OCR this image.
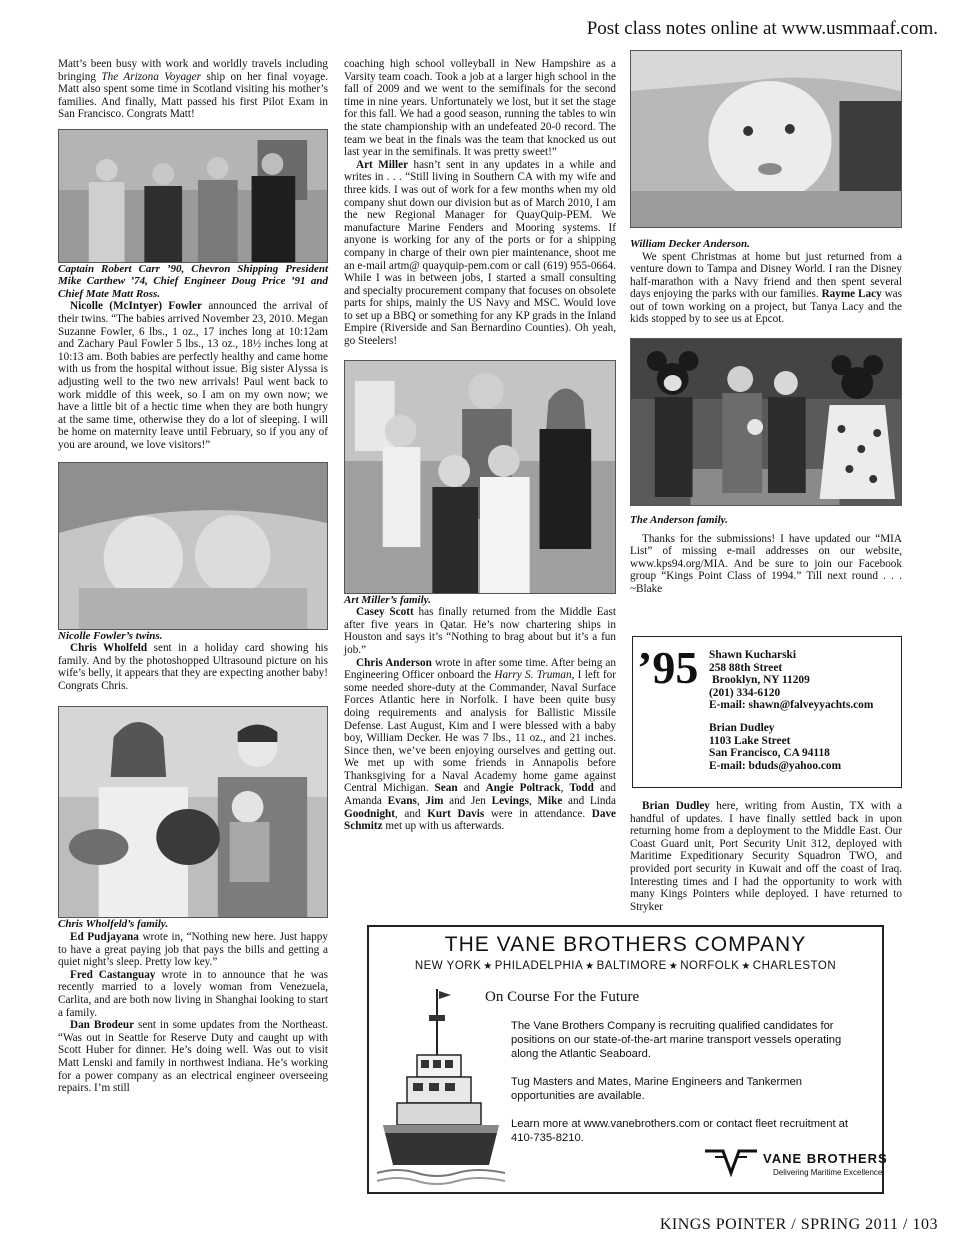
Post class notes online at www.usmmaaf.com.

Matt’s been busy with work and worldly travels including bringing The Arizona Voyager ship on her final voyage. Matt also spent some time in Scotland visiting his mother’s families. And finally, Matt passed his first Pilot Exam in San Francisco. Congrats Matt!

Captain Robert Carr ’90, Chevron Shipping President Mike Carthew ’74, Chief Engineer Doug Price ’91 and Chief Mate Matt Ross.

Nicolle (McIntyer) Fowler announced the arrival of their twins. “The babies arrived November 23, 2010. Megan Suzanne Fowler, 6 lbs., 1 oz., 17 inches long at 10:12am and Zachary Paul Fowler 5 lbs., 13 oz., 18½ inches long at 10:13 am. Both babies are perfectly healthy and came home with us from the hospital without issue. Big sister Alyssa is adjusting well to the two new arrivals! Paul went back to work middle of this week, so I am on my own now; we have a little bit of a hectic time when they are both hungry at the same time, otherwise they do a lot of sleeping. I will be home on maternity leave until February, so if you any of you are around, we love visitors!”

Nicolle Fowler’s twins.

Chris Wholfeld sent in a holiday card showing his family. And by the photoshopped Ultrasound picture on his wife’s belly, it appears that they are expecting another baby! Congrats Chris.

Chris Wholfeld’s family.

Ed Pudjayana wrote in, “Nothing new here. Just happy to have a great paying job that pays the bills and getting a quiet night’s sleep. Pretty low key.”

Fred Castanguay wrote in to announce that he was recently married to a lovely woman from Venezuela, Carlita, and are both now living in Shanghai looking to start a family.

Dan Brodeur sent in some updates from the Northeast. “Was out in Seattle for Reserve Duty and caught up with Scott Huber for dinner. He’s doing well. Was out to visit Matt Lenski and family in northwest Indiana. He’s working for a power company as an electrical engineer overseeing repairs. I’m still

coaching high school volleyball in New Hampshire as a Varsity team coach. Took a job at a larger high school in the fall of 2009 and we went to the semifinals for the second time in nine years. Unfortunately we lost, but it set the stage for this fall. We had a good season, running the tables to win the state championship with an undefeated 20-0 record. The team we beat in the finals was the team that knocked us out last year in the semifinals. It was pretty sweet!”

Art Miller hasn’t sent in any updates in a while and writes in . . . “Still living in Southern CA with my wife and three kids. I was out of work for a few months when my old company shut down our division but as of March 2010, I am the new Regional Manager for QuayQuip-PEM. We manufacture Marine Fenders and Mooring systems. If anyone is working for any of the ports or for a shipping company in charge of their own pier maintenance, shoot me an e-mail artm@ quayquip-pem.com or call (619) 955-0664. While I was in between jobs, I started a small consulting and specialty procurement company that focuses on obsolete parts for ships, mainly the US Navy and MSC. Would love to set up a BBQ or something for any KP grads in the Inland Empire (Riverside and San Bernardino Counties). Oh yeah, go Steelers!

Art Miller’s family.

Casey Scott has finally returned from the Middle East after five years in Qatar. He’s now chartering ships in Houston and says it’s “Nothing to brag about but it’s a fun job.”

Chris Anderson wrote in after some time. After being an Engineering Officer onboard the Harry S. Truman, I left for some needed shore-duty at the Commander, Naval Surface Forces Atlantic here in Norfolk. I have been quite busy doing requirements and analysis for Ballistic Missile Defense. Last August, Kim and I were blessed with a baby boy, William Decker. He was 7 lbs., 11 oz., and 21 inches. Since then, we’ve been enjoying ourselves and getting out. We met up with some friends in Annapolis before Thanksgiving for a Naval Academy home game against Central Michigan. Sean and Angie Poltrack, Todd and Amanda Evans, Jim and Jen Levings, Mike and Linda Goodnight, and Kurt Davis were in attendance. Dave Schmitz met up with us afterwards.

William Decker Anderson.

We spent Christmas at home but just returned from a venture down to Tampa and Disney World. I ran the Disney half-marathon with a Navy friend and then spent several days enjoying the parks with our families. Rayme Lacy was out of town working on a project, but Tanya Lacy and the kids stopped by to see us at Epcot.

The Anderson family.

Thanks for the submissions! I have updated our “MIA List” of missing e-mail addresses on our website, www.kps94.org/MIA. And be sure to join our Facebook group “Kings Point Class of 1994.” Till next round . . . ~Blake

’95 Shawn Kucharski
258 88th Street
Brooklyn, NY 11209
(201) 334-6120
E-mail: shawn@falveyyachts.com
Brian Dudley
1103 Lake Street
San Francisco, CA 94118
E-mail: bduds@yahoo.com

Brian Dudley here, writing from Austin, TX with a handful of updates. I have finally settled back in upon returning home from a deployment to the Middle East. Our Coast Guard unit, Port Security Unit 312, deployed with Maritime Expeditionary Security Squadron TWO, and provided port security in Kuwait and off the coast of Iraq. Interesting times and I had the opportunity to work with many Kings Pointers while deployed. I have returned to Stryker

THE VANE BROTHERS COMPANY
NEW YORK ★ PHILADELPHIA ★ BALTIMORE ★ NORFOLK ★ CHARLESTON
On Course For the Future
The Vane Brothers Company is recruiting qualified candidates for positions on our state-of-the-art marine transport vessels operating along the Atlantic Seaboard.
Tug Masters and Mates, Marine Engineers and Tankermen opportunities are available.
Learn more at www.vanebrothers.com or contact fleet recruitment at 410-735-8210.
VANE BROTHERS
Delivering Maritime Excellence
KINGS POINTER / SPRING 2011 / 103
